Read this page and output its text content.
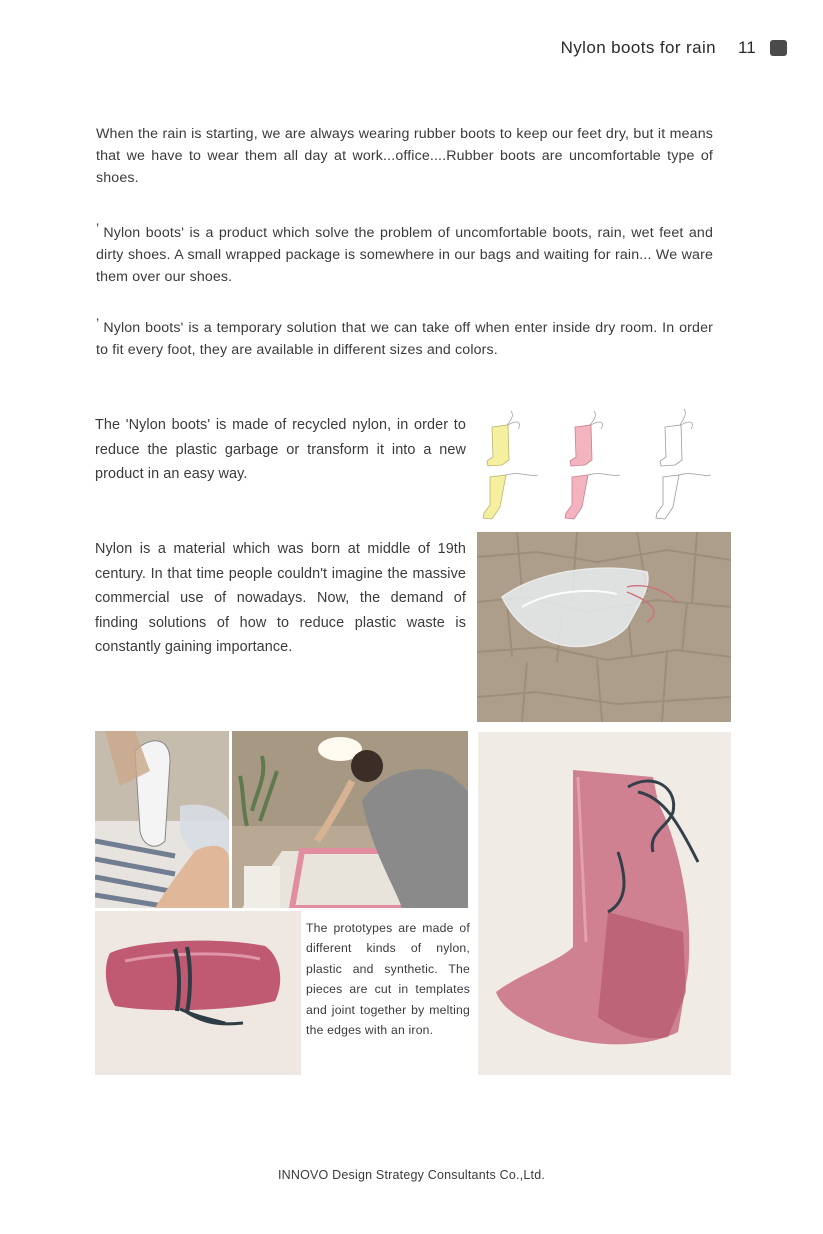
Nylon boots for rain 11

When the rain is starting, we are always wearing rubber boots to keep our feet dry, but it means that we have to wear them all day at work...office....Rubber boots are uncomfortable type of shoes.

’ Nylon boots' is a product which solve the problem of uncomfortable boots, rain, wet feet and dirty shoes. A small wrapped package is somewhere in our bags and waiting for rain... We ware them over our shoes.

’ Nylon boots' is a temporary solution that we can take off when enter inside dry room. In order to fit every foot, they are available in different sizes and colors.

The 'Nylon boots' is made of recycled nylon, in order to reduce the plastic garbage or transform it into a new product in an easy way.

Nylon is a material which was born at middle of 19th century. In that time people couldn't imagine the massive commercial use of nowadays. Now, the demand of finding solutions of how to reduce plastic waste is constantly gaining importance.

The prototypes are made of different kinds of nylon, plastic and synthetic. The pieces are cut in templates and joint together by melting the edges with an iron.

INNOVO Design Strategy Consultants Co.,Ltd.
